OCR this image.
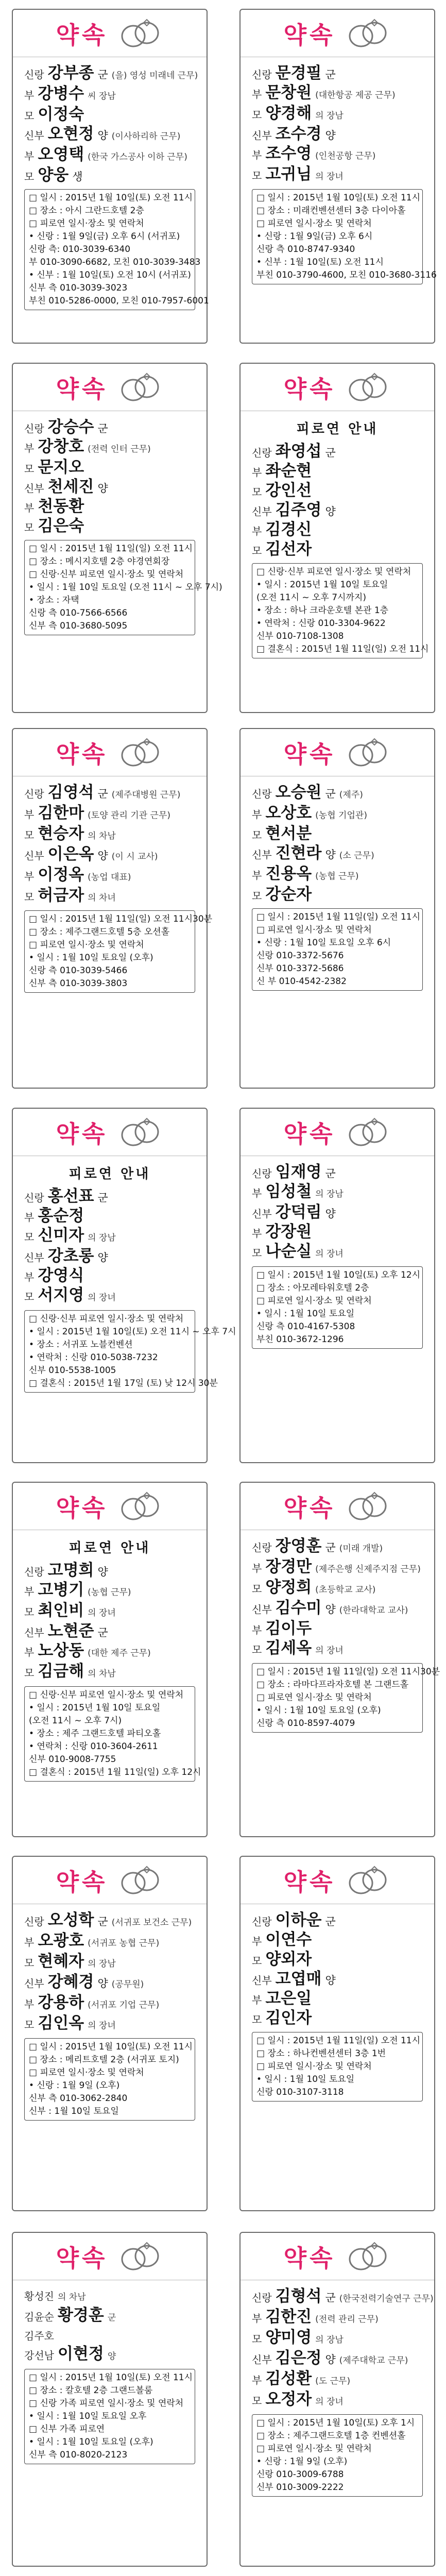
약속
신랑 강부종 군 (을) 영성 미래네 근무)
부 강병수 씨 장남
모 이정숙
신부 오현정 양 (이사하리하 근무)
부 오영택 (한국 가스공사 이하 근무)
모 양웅 생
□ 일시 : 2015년 1월 10일(토) 오전 11시
□ 장소 : 아시 그란드호텔 2층
□ 피로연 일시·장소 및 연락처
• 신랑 : 1월 9일(금) 오후 6시 (서귀포)
신랑 측: 010-3039-6340
부 010-3090-6682, 모친 010-3039-3483
• 신부 : 1월 10일(토) 오전 10시 (서귀포)
신부 측 010-3039-3023
부친 010-5286-0000, 모친 010-7957-6001
약속
신랑 문경필 군
부 문창원 (대한항공 제공 근무)
모 양경해 의 장남
신부 조수경 양
부 조수영 (인천공항 근무)
모 고귀님 의 장녀
□ 일시 : 2015년 1월 10일(토) 오전 11시
□ 장소 : 미래컨벤션센터 3층 다이아홀
□ 피로연 일시·장소 및 연락처
• 신랑 : 1월 9일(금) 오후 6시
신랑 측 010-8747-9340
• 신부 : 1월 10일(토) 오전 11시
부친 010-3790-4600, 모친 010-3680-3116
약속
신랑 강승수 군
부 강창호 (전력 인터 근무)
모 문지오
신부 천세진 양
부 천동환
모 김은숙
□ 일시 : 2015년 1월 11일(일) 오전 11시
□ 장소 : 메시지호텔 2층 야경연회장
□ 신랑·신부 피로연 일시·장소 및 연락처
• 일시 : 1월 10일 토요일 (오전 11시 ~ 오후 7시)
• 장소 : 자택
신랑 측 010-7566-6566
신부 측 010-3680-5095
약속
피로연 안내
신랑 좌영섭 군
부 좌순현
모 강인선
신부 김주영 양
부 김경신
모 김선자
□ 신랑·신부 피로연 일시·장소 및 연락처
• 일시 : 2015년 1월 10일 토요일
(오전 11시 ~ 오후 7시까지)
• 장소 : 하나 크라운호텔 본관 1층
• 연락처 : 신랑 010-3304-9622
신부 010-7108-1308
□ 결혼식 : 2015년 1월 11일(일) 오전 11시
약속
신랑 김영석 군 (제주대병원 근무)
부 김한마 (토양 관리 기관 근무)
모 현승자 의 차남
신부 이은옥 양 (이 시 교사)
부 이정옥 (농업 대표)
모 허금자 의 차녀
□ 일시 : 2015년 1월 11일(일) 오전 11시30분
□ 장소 : 제주그랜드호텔 5층 오션홀
□ 피로연 일시·장소 및 연락처
• 일시 : 1월 10일 토요일 (오후)
신랑 측 010-3039-5466
신부 측 010-3039-3803
약속
신랑 오승원 군 (제주)
부 오상호 (농협 기업관)
모 현서분
신부 진현라 양 (소 근무)
부 진용옥 (농협 근무)
모 강순자
□ 일시 : 2015년 1월 11일(일) 오전 11시
□ 피로연 일시·장소 및 연락처
• 신랑 : 1월 10일 토요일 오후 6시
신랑 010-3372-5676
신부 010-3372-5686
신 부 010-4542-2382
약속
피로연 안내
신랑 홍선표 군
부 홍순정
모 신미자 의 장남
신부 강초롱 양
부 강영식
모 서지영 의 장녀
□ 신랑·신부 피로연 일시·장소 및 연락처
• 일시 : 2015년 1월 10일(토) 오전 11시 ~ 오후 7시
• 장소 : 서귀포 노블컨벤션
• 연락처 : 신랑 010-5038-7232
신부 010-5538-1005
□ 결혼식 : 2015년 1월 17일 (토) 낮 12시 30분
약속
신랑 임재영 군
부 임성철 의 장남
신부 강덕림 양
부 강장원
모 나순실 의 장녀
□ 일시 : 2015년 1월 10일(토) 오후 12시
□ 장소 : 아모레타워호텔 2층
□ 피로연 일시·장소 및 연락처
• 일시 : 1월 10일 토요일
신랑 측 010-4167-5308
부친 010-3672-1296
약속
피로연 안내
신랑 고명희 양
부 고병기 (농협 근무)
모 최인비 의 장녀
신부 노현준 군
부 노상동 (대한 제주 근무)
모 김금해 의 차남
□ 신랑·신부 피로연 일시·장소 및 연락처
• 일시 : 2015년 1월 10일 토요일
(오전 11시 ~ 오후 7시)
• 장소 : 제주 그랜드호텔 파티오홀
• 연락처 : 신랑 010-3604-2611
신부 010-9008-7755
□ 결혼식 : 2015년 1월 11일(일) 오후 12시
약속
신랑 장영훈 군 (미래 개발)
부 장경만 (제주은행 신제주지점 근무)
모 양정희 (초등학교 교사)
신부 김수미 양 (한라대학교 교사)
부 김이두
모 김세옥 의 장녀
□ 일시 : 2015년 1월 11일(일) 오전 11시30분
□ 장소 : 라마다프라자호텔 본 그랜드홀
□ 피로연 일시·장소 및 연락처
• 일시 : 1월 10일 토요일 (오후)
신랑 측 010-8597-4079
약속
신랑 오성학 군 (서귀포 보건소 근무)
부 오광호 (서귀포 농협 근무)
모 현혜자 의 장남
신부 강혜경 양 (공무원)
부 강용하 (서귀포 기업 근무)
모 김인옥 의 장녀
□ 일시 : 2015년 1월 10일(토) 오전 11시
□ 장소 : 메리트호텔 2층 (서귀포 토지)
□ 피로연 일시·장소 및 연락처
• 신랑 : 1월 9일 (오후)
신부 측 010-3062-2840
신부 : 1월 10일 토요일
약속
신랑 이하운 군
부 이연수
모 양외자
신부 고엽매 양
부 고은일
모 김인자
□ 일시 : 2015년 1월 11일(일) 오전 11시
□ 장소 : 하나컨벤션센터 3층 1번
□ 피로연 일시·장소 및 연락처
• 일시 : 1월 10일 토요일
신랑 010-3107-3118
약속
황성진 의 차남
김윤순 황경훈 군
김주호
강선남 이현정 양
□ 일시 : 2015년 1월 10일(토) 오전 11시
□ 장소 : 칼호텔 2층 그랜드볼룸
□ 신랑 가족 피로연 일시·장소 및 연락처
• 일시 : 1월 10일 토요일 오후
□ 신부 가족 피로연
• 일시 : 1월 10일 토요일 (오후)
신부 측 010-8020-2123
약속
신랑 김형석 군 (한국전력기술연구 근무)
부 김한진 (전력 관리 근무)
모 양미영 의 장남
신부 김은정 양 (제주대학교 근무)
부 김성환 (도 근무)
모 오정자 의 장녀
□ 일시 : 2015년 1월 10일(토) 오후 1시
□ 장소 : 제주그랜드호텔 1층 컨벤션홀
□ 피로연 일시·장소 및 연락처
• 신랑 : 1월 9일 (오후)
신랑 010-3009-6788
신부 010-3009-2222
